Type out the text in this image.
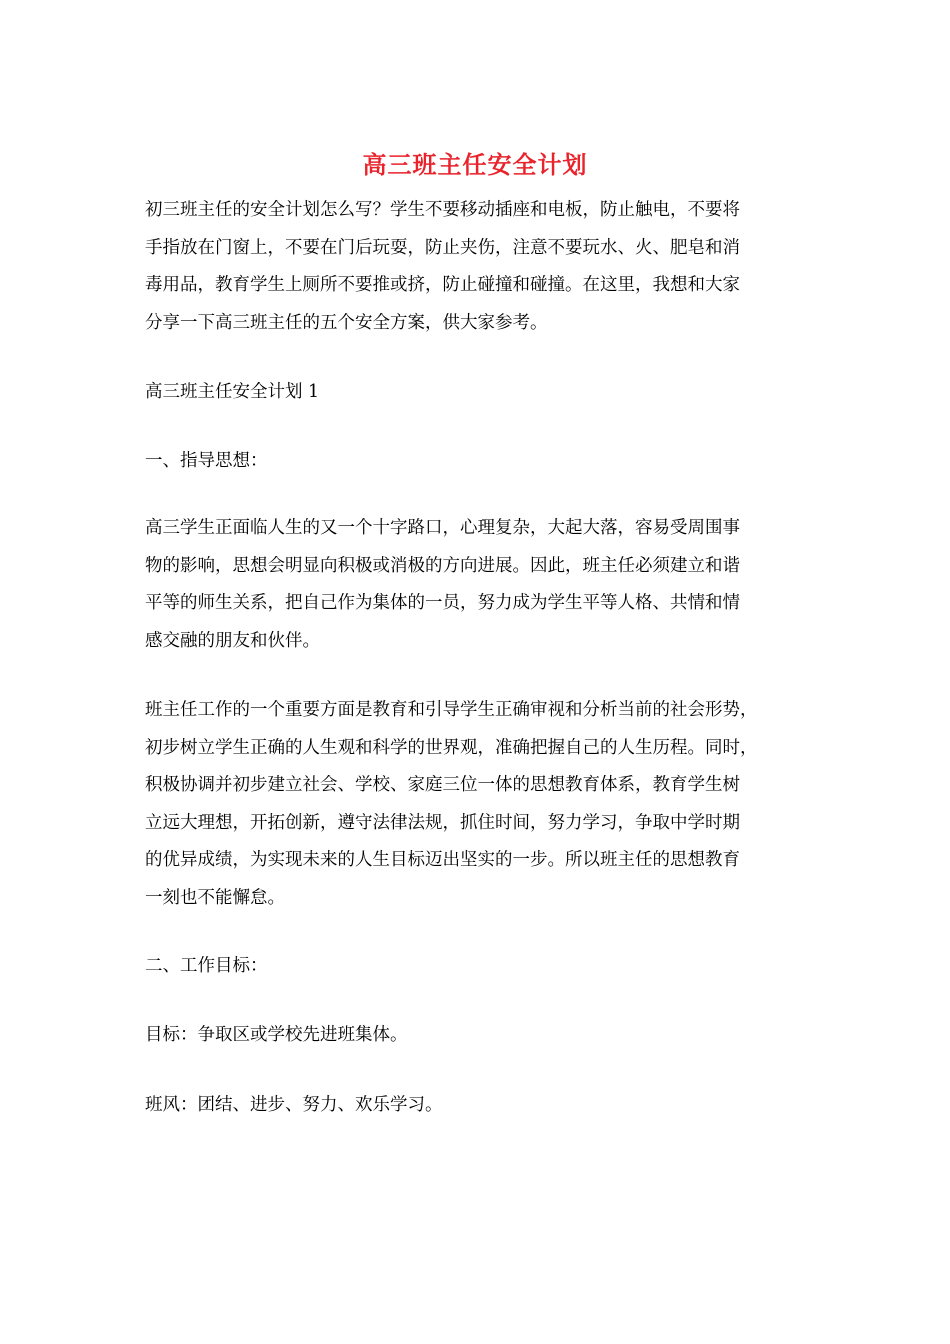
高三班主任安全计划
初三班主任的安全计划怎么写？学生不要移动插座和电板，防止触电，不要将
手指放在门窗上，不要在门后玩耍，防止夹伤，注意不要玩水、火、肥皂和消
毒用品，教育学生上厕所不要推或挤，防止碰撞和碰撞。在这里，我想和大家
分享一下高三班主任的五个安全方案，供大家参考。
高三班主任安全计划 1
一、指导思想：
高三学生正面临人生的又一个十字路口，心理复杂，大起大落，容易受周围事
物的影响，思想会明显向积极或消极的方向进展。因此，班主任必须建立和谐
平等的师生关系，把自己作为集体的一员，努力成为学生平等人格、共情和情
感交融的朋友和伙伴。
班主任工作的一个重要方面是教育和引导学生正确审视和分析当前的社会形势，
初步树立学生正确的人生观和科学的世界观，准确把握自己的人生历程。同时，
积极协调并初步建立社会、学校、家庭三位一体的思想教育体系，教育学生树
立远大理想，开拓创新，遵守法律法规，抓住时间，努力学习，争取中学时期
的优异成绩，为实现未来的人生目标迈出坚实的一步。所以班主任的思想教育
一刻也不能懈怠。
二、工作目标：
目标：争取区或学校先进班集体。
班风：团结、进步、努力、欢乐学习。
